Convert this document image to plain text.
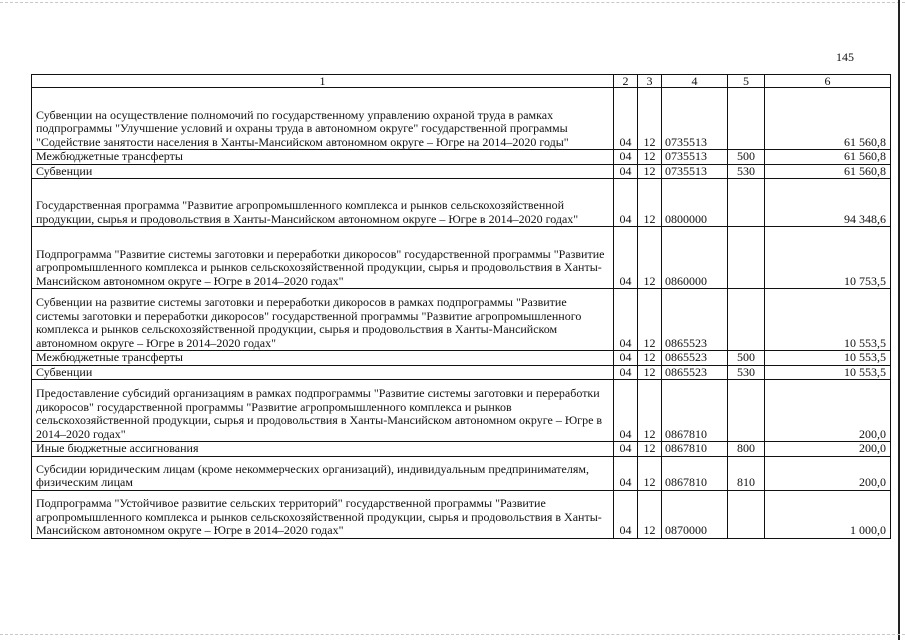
145
1	2	3	4	5	6
Субвенции на осуществление полномочий по государственному управлению охраной труда в рамках подпрограммы "Улучшение условий и охраны труда в автономном округе" государственной программы "Содействие занятости населения в Ханты-Мансийском автономном округе – Югре на 2014–2020 годы"	04	12	0735513		61 560,8
Межбюджетные трансферты	04	12	0735513	500	61 560,8
Субвенции	04	12	0735513	530	61 560,8
Государственная программа "Развитие агропромышленного комплекса и рынков сельскохозяйственной продукции, сырья и продовольствия в Ханты-Мансийском автономном округе – Югре в 2014–2020 годах"	04	12	0800000		94 348,6
Подпрограмма "Развитие системы заготовки и переработки дикоросов" государственной программы "Развитие агропромышленного комплекса и рынков сельскохозяйственной продукции, сырья и продовольствия в Ханты-Мансийском автономном округе – Югре в 2014–2020 годах"	04	12	0860000		10 753,5
Субвенции на развитие системы заготовки и переработки дикоросов в рамках подпрограммы "Развитие системы заготовки и переработки дикоросов" государственной программы "Развитие агропромышленного комплекса и рынков сельскохозяйственной продукции, сырья и продовольствия в Ханты-Мансийском автономном округе – Югре в 2014–2020 годах"	04	12	0865523		10 553,5
Межбюджетные трансферты	04	12	0865523	500	10 553,5
Субвенции	04	12	0865523	530	10 553,5
Предоставление субсидий организациям в рамках подпрограммы "Развитие системы заготовки и переработки дикоросов" государственной программы "Развитие агропромышленного комплекса и рынков сельскохозяйственной продукции, сырья и продовольствия в Ханты-Мансийском автономном округе – Югре в 2014–2020 годах"	04	12	0867810		200,0
Иные бюджетные ассигнования	04	12	0867810	800	200,0
Субсидии юридическим лицам (кроме некоммерческих организаций), индивидуальным предпринимателям, физическим лицам	04	12	0867810	810	200,0
Подпрограмма "Устойчивое развитие сельских территорий" государственной программы "Развитие агропромышленного комплекса и рынков сельскохозяйственной продукции, сырья и продовольствия в Ханты-Мансийском автономном округе – Югре в 2014–2020 годах"	04	12	0870000		1 000,0
